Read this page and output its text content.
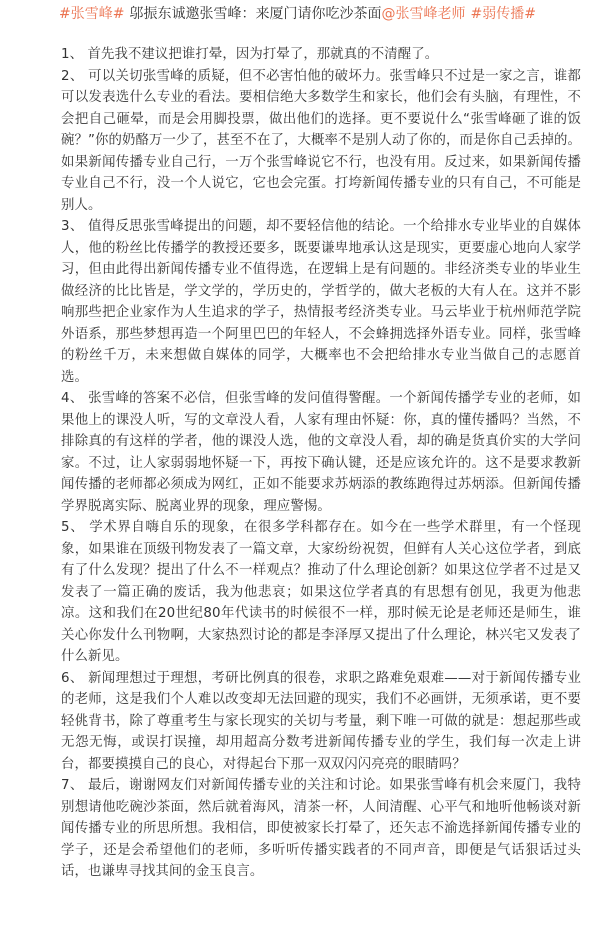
#张雪峰# 邬振东诚邀张雪峰：来厦门请你吃沙茶面@张雪峰老师 #弱传播#

1、 首先我不建议把谁打晕，因为打晕了，那就真的不清醒了。

2、 可以关切张雪峰的质疑，但不必害怕他的破坏力。张雪峰只不过是一家之言，谁都可以发表选什么专业的看法。要相信绝大多数学生和家长，他们会有头脑，有理性，不会把自己砸晕，而是会用脚投票，做出他们的选择。更不要说什么“张雪峰砸了谁的饭碗？”你的奶酪万一少了，甚至不在了，大概率不是别人动了你的，而是你自己丢掉的。如果新闻传播专业自己行，一万个张雪峰说它不行，也没有用。反过来，如果新闻传播专业自己不行，没一个人说它，它也会完蛋。打垮新闻传播专业的只有自己，不可能是别人。

3、 值得反思张雪峰提出的问题，却不要轻信他的结论。一个给排水专业毕业的自媒体人，他的粉丝比传播学的教授还要多，既要谦卑地承认这是现实，更要虚心地向人家学习，但由此得出新闻传播专业不值得选，在逻辑上是有问题的。非经济类专业的毕业生做经济的比比皆是，学文学的，学历史的，学哲学的，做大老板的大有人在。这并不影响那些把企业家作为人生追求的学子，热情报考经济类专业。马云毕业于杭州师范学院外语系，那些梦想再造一个阿里巴巴的年轻人，不会蜂拥选择外语专业。同样，张雪峰的粉丝千万，未来想做自媒体的同学，大概率也不会把给排水专业当做自己的志愿首选。

4、 张雪峰的答案不必信，但张雪峰的发问值得警醒。一个新闻传播学专业的老师，如果他上的课没人听，写的文章没人看，人家有理由怀疑：你，真的懂传播吗？当然，不排除真的有这样的学者，他的课没人选，他的文章没人看，却的确是货真价实的大学问家。不过，让人家弱弱地怀疑一下，再按下确认键，还是应该允许的。这不是要求教新闻传播的老师都必须成为网红，正如不能要求苏炳添的教练跑得过苏炳添。但新闻传播学界脱离实际、脱离业界的现象，理应警惕。

5、 学术界自嗨自乐的现象，在很多学科都存在。如今在一些学术群里，有一个怪现象，如果谁在顶级刊物发表了一篇文章，大家纷纷祝贺，但鲜有人关心这位学者，到底有了什么发现？提出了什么不一样观点？推动了什么理论创新？如果这位学者不过是又发表了一篇正确的废话，我为他悲哀；如果这位学者真的有思想有创见，我更为他悲凉。这和我们在20世纪80年代读书的时候很不一样，那时候无论是老师还是师生，谁关心你发什么刊物啊，大家热烈讨论的都是李泽厚又提出了什么理论，林兴宅又发表了什么新见。

6、 新闻理想过于理想，考研比例真的很卷，求职之路难免艰难——对于新闻传播专业的老师，这是我们个人难以改变却无法回避的现实，我们不必画饼，无须承诺，更不要轻佻背书，除了尊重考生与家长现实的关切与考量，剩下唯一可做的就是：想起那些或无怨无悔，或误打误撞，却用超高分数考进新闻传播专业的学生，我们每一次走上讲台，都要摸摸自己的良心，对得起台下那一双双闪闪亮亮的眼睛吗？

7、 最后，谢谢网友们对新闻传播专业的关注和讨论。如果张雪峰有机会来厦门，我特别想请他吃碗沙茶面，然后就着海风，清茶一杯，人间清醒、心平气和地听他畅谈对新闻传播专业的所思所想。我相信，即使被家长打晕了，还矢志不渝选择新闻传播专业的学子，还是会希望他们的老师，多听听传播实践者的不同声音，即便是气话狠话过头话，也谦卑寻找其间的金玉良言。
